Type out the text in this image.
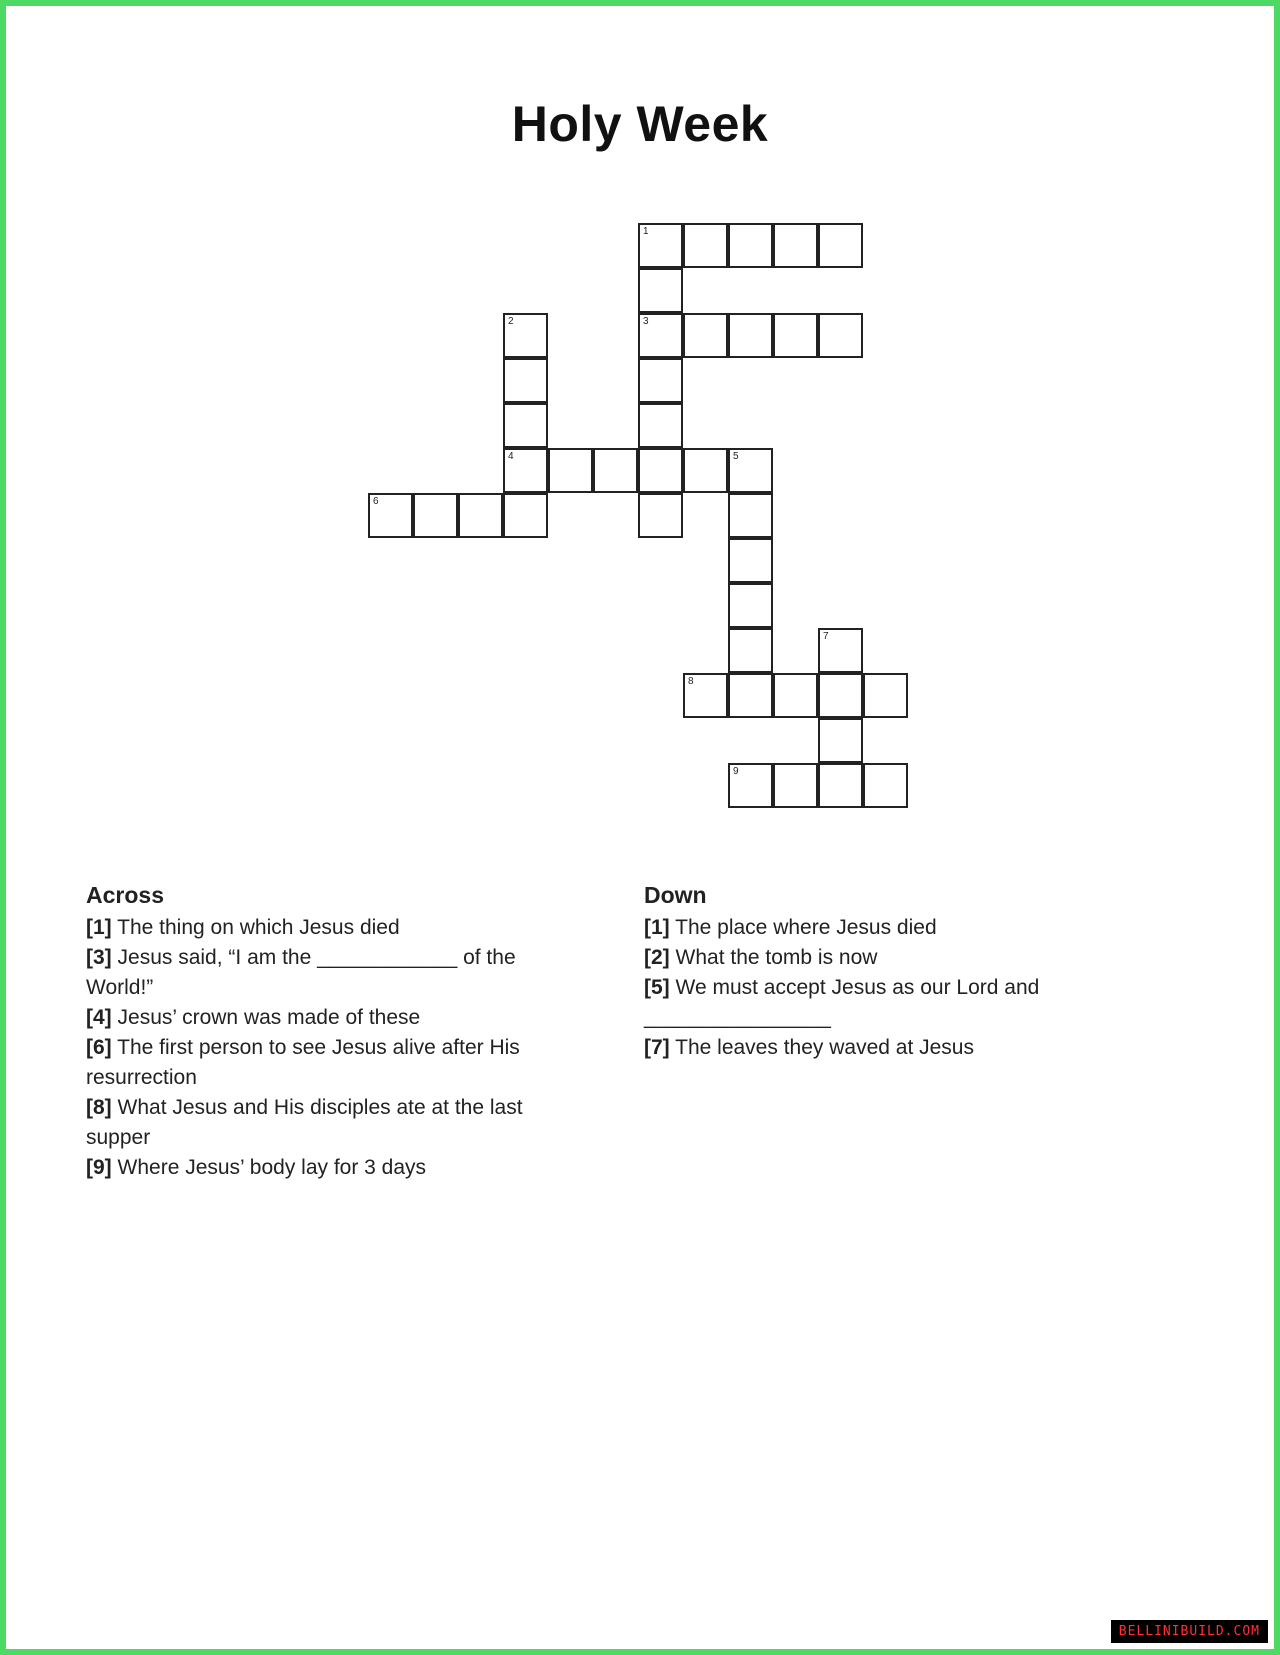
Holy Week
1
3
2
4	5
6
7
8
9
Across

[1] The thing on which Jesus died

[3] Jesus said, “I am the ____________ of the World!”

[4] Jesus’ crown was made of these

[6] The first person to see Jesus alive after His resurrection

[8] What Jesus and His disciples ate at the last supper

[9] Where Jesus’ body lay for 3 days

Down

[1] The place where Jesus died

[2] What the tomb is now

[5] We must accept Jesus as our Lord and ________________

[7] The leaves they waved at Jesus

BELLINIBUILD.COM
